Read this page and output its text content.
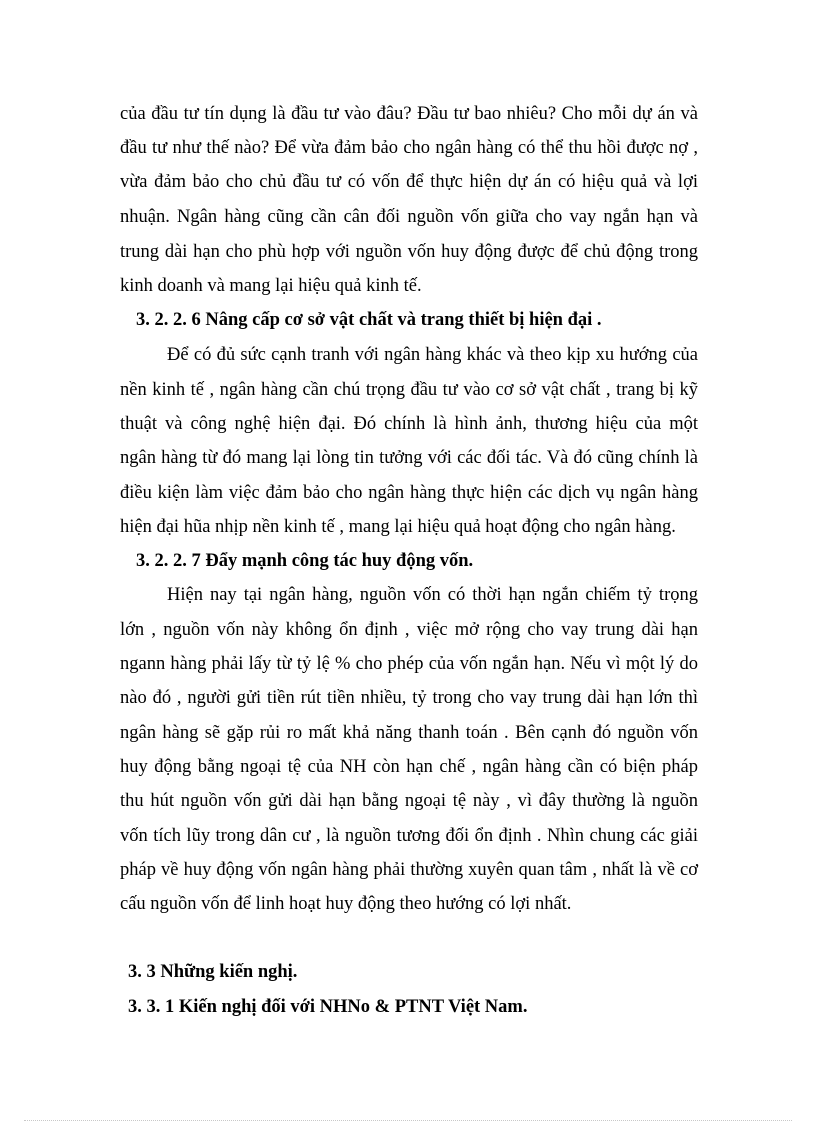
của đầu tư tín dụng là đầu tư vào đâu? Đầu tư bao nhiêu? Cho mỗi dự án và
đầu tư như thế nào? Để vừa đảm bảo cho ngân hàng có thể thu hồi được nợ ,
vừa đảm bảo cho chủ đầu tư có vốn để thực hiện dự án có hiệu quả và lợi
nhuận. Ngân hàng cũng cần cân đối nguồn vốn giữa cho vay ngắn hạn và
trung dài hạn cho phù hợp với nguồn vốn huy động được để chủ động trong
kinh doanh và mang lại hiệu quả kinh tế.
3. 2. 2. 6 Nâng cấp cơ sở vật chất và trang thiết bị hiện đại .
Để có đủ sức cạnh tranh với ngân hàng khác và theo kịp xu hướng của
nền kinh tế , ngân hàng cần chú trọng đầu tư vào cơ sở vật chất , trang bị kỹ
thuật và công nghệ hiện đại. Đó chính là hình ảnh, thương hiệu của một
ngân hàng từ đó mang lại lòng tin tưởng với các đối tác. Và đó cũng chính là
điều kiện làm việc đảm bảo cho ngân hàng thực hiện các dịch vụ ngân hàng
hiện đại hũa nhịp nền kinh tế , mang lại hiệu quả hoạt động cho ngân hàng.
3. 2. 2. 7 Đẩy mạnh công tác huy động vốn.
Hiện nay tại ngân hàng, nguồn vốn có thời hạn ngắn chiếm tỷ trọng
lớn , nguồn vốn này không ổn định , việc mở rộng cho vay trung dài hạn
ngann hàng phải lấy từ tỷ lệ % cho phép của vốn ngắn hạn. Nếu vì một lý do
nào đó , người gửi tiền rút tiền nhiều, tỷ trong cho vay trung dài hạn lớn thì
ngân hàng sẽ gặp rủi ro mất khả năng thanh toán . Bên cạnh đó nguồn vốn
huy động bằng ngoại tệ của NH còn hạn chế , ngân hàng cần có biện pháp
thu hút nguồn vốn gửi dài hạn bằng ngoại tệ này , vì đây thường là nguồn
vốn tích lũy trong dân cư , là nguồn tương đối ổn định . Nhìn chung các giải
pháp về huy động vốn ngân hàng phải thường xuyên quan tâm , nhất là về cơ
cấu nguồn vốn để linh hoạt huy động theo hướng có lợi nhất.
3. 3 Những kiến nghị.
3. 3. 1 Kiến nghị đối với NHNo & PTNT Việt Nam.
